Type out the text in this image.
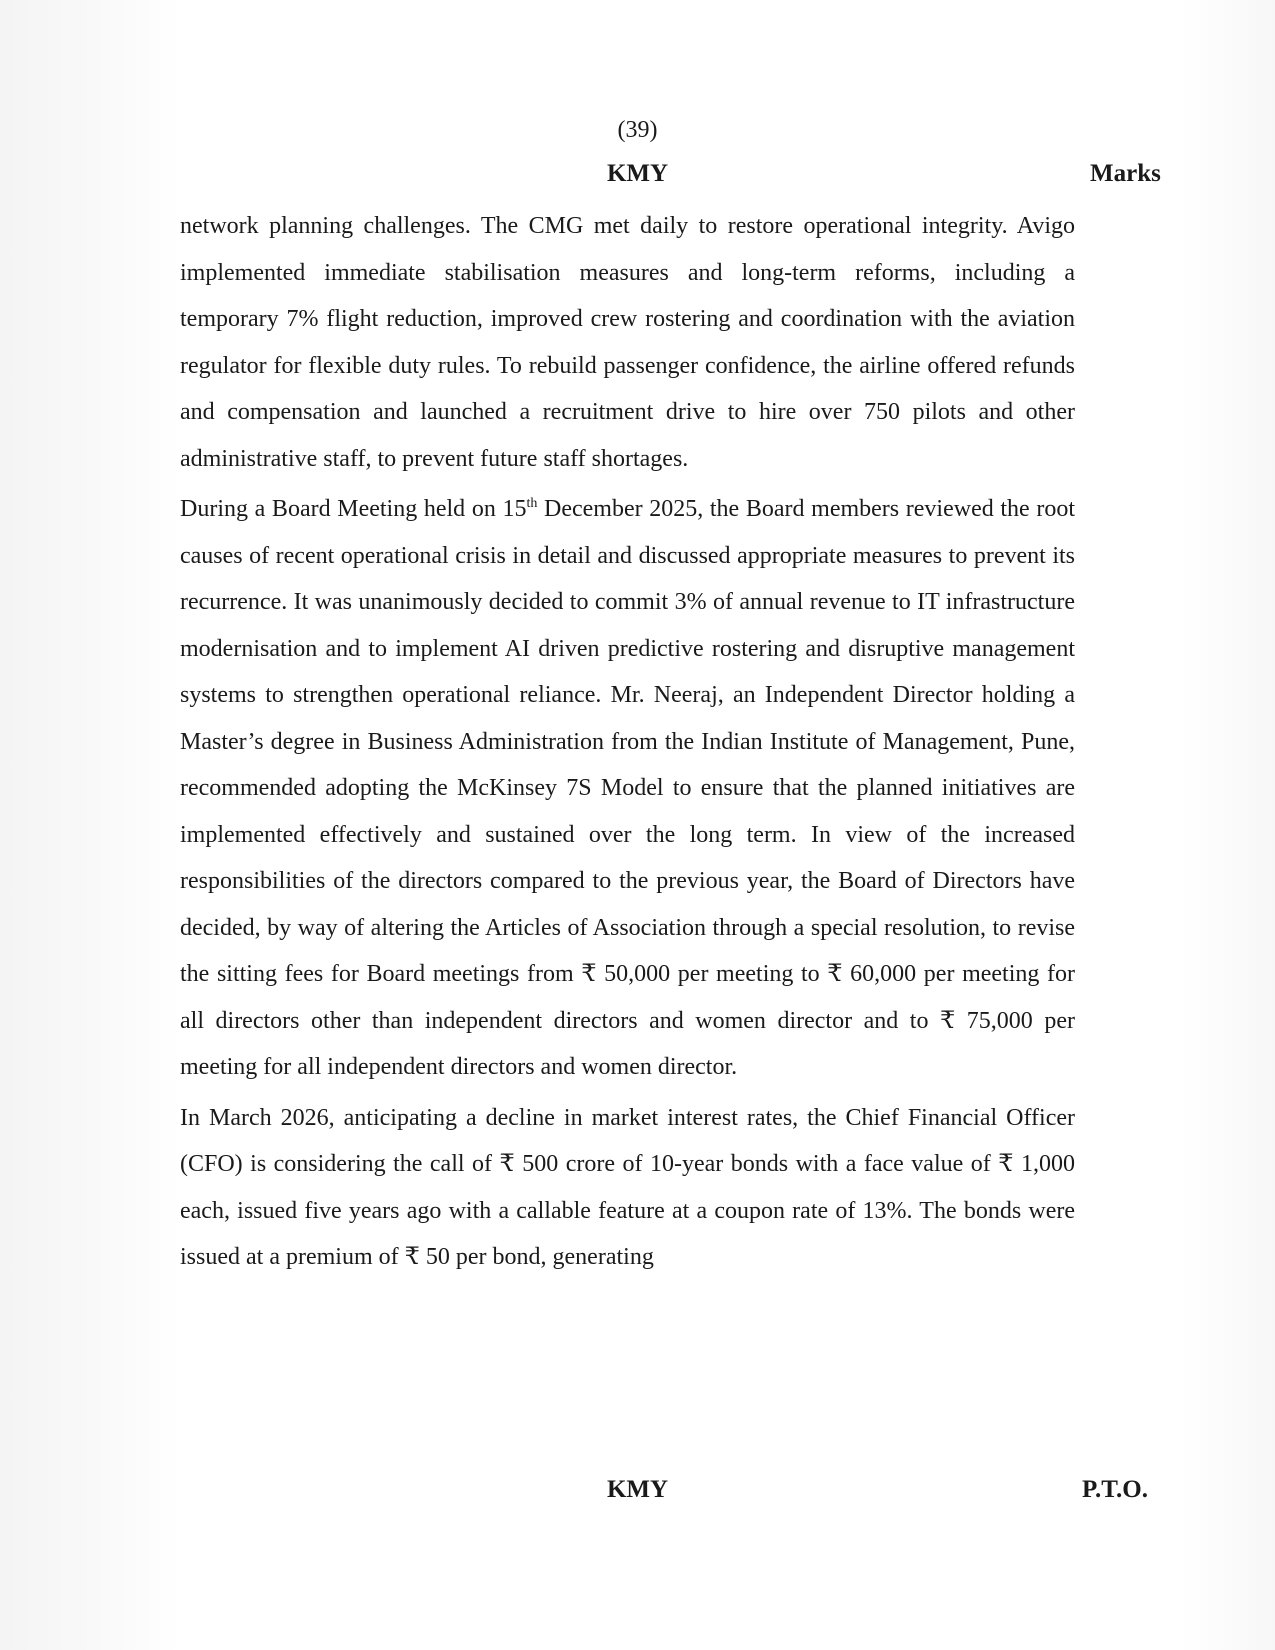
(39)
KMY	Marks

network planning challenges. The CMG met daily to restore operational integrity. Avigo implemented immediate stabilisation measures and long-term reforms, including a temporary 7% flight reduction, improved crew rostering and coordination with the aviation regulator for flexible duty rules. To rebuild passenger confidence, the airline offered refunds and compensation and launched a recruitment drive to hire over 750 pilots and other administrative staff, to prevent future staff shortages.

During a Board Meeting held on 15th December 2025, the Board members reviewed the root causes of recent operational crisis in detail and discussed appropriate measures to prevent its recurrence. It was unanimously decided to commit 3% of annual revenue to IT infrastructure modernisation and to implement AI driven predictive rostering and disruptive management systems to strengthen operational reliance. Mr. Neeraj, an Independent Director holding a Master’s degree in Business Administration from the Indian Institute of Management, Pune, recommended adopting the McKinsey 7S Model to ensure that the planned initiatives are implemented effectively and sustained over the long term. In view of the increased responsibilities of the directors compared to the previous year, the Board of Directors have decided, by way of altering the Articles of Association through a special resolution, to revise the sitting fees for Board meetings from ₹ 50,000 per meeting to ₹ 60,000 per meeting for all directors other than independent directors and women director and to ₹ 75,000 per meeting for all independent directors and women director.

In March 2026, anticipating a decline in market interest rates, the Chief Financial Officer (CFO) is considering the call of ₹ 500 crore of 10-year bonds with a face value of ₹ 1,000 each, issued five years ago with a callable feature at a coupon rate of 13%. The bonds were issued at a premium of ₹ 50 per bond, generating

KMY	P.T.O.
